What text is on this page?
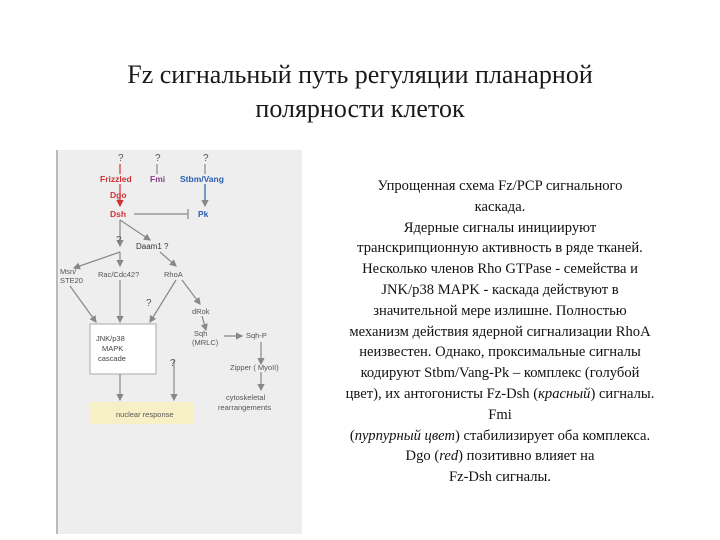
Fz сигнальный путь регуляции планарной
полярности клеток
?	?	?
Frizzled Fmi Stbm/Vang
Dgo
Dsh	Pk
?
Daam1 ?
Msn/
STE20
Rac/Cdc42?	RhoA
?
dRok
JNK/p38
MAPK
cascade
Sqh
(MRLC)
Sqh-P
?	Zipper ( MyoII)
cytoskeletal
rearrangements
nuclear response
Упрощенная схема Fz/PCP сигнального
каскада.
Ядерные сигналы инициируют
транскрипционную активность в ряде тканей.
Несколько членов Rho GTPase - семейства и
JNK/p38 MAPK - каскада действуют в
значительной мере излишне. Полностью
механизм действия ядерной сигнализации RhoA
неизвестен. Однако, проксимальные сигналы
кодируют Stbm/Vang-Pk – комплекс (голубой
цвет), их антогонисты Fz-Dsh (красный) сигналы.
Fmi
(пурпурный цвет) стабилизирует оба комплекса.
Dgo (red) позитивно влияет на
Fz-Dsh сигналы.
